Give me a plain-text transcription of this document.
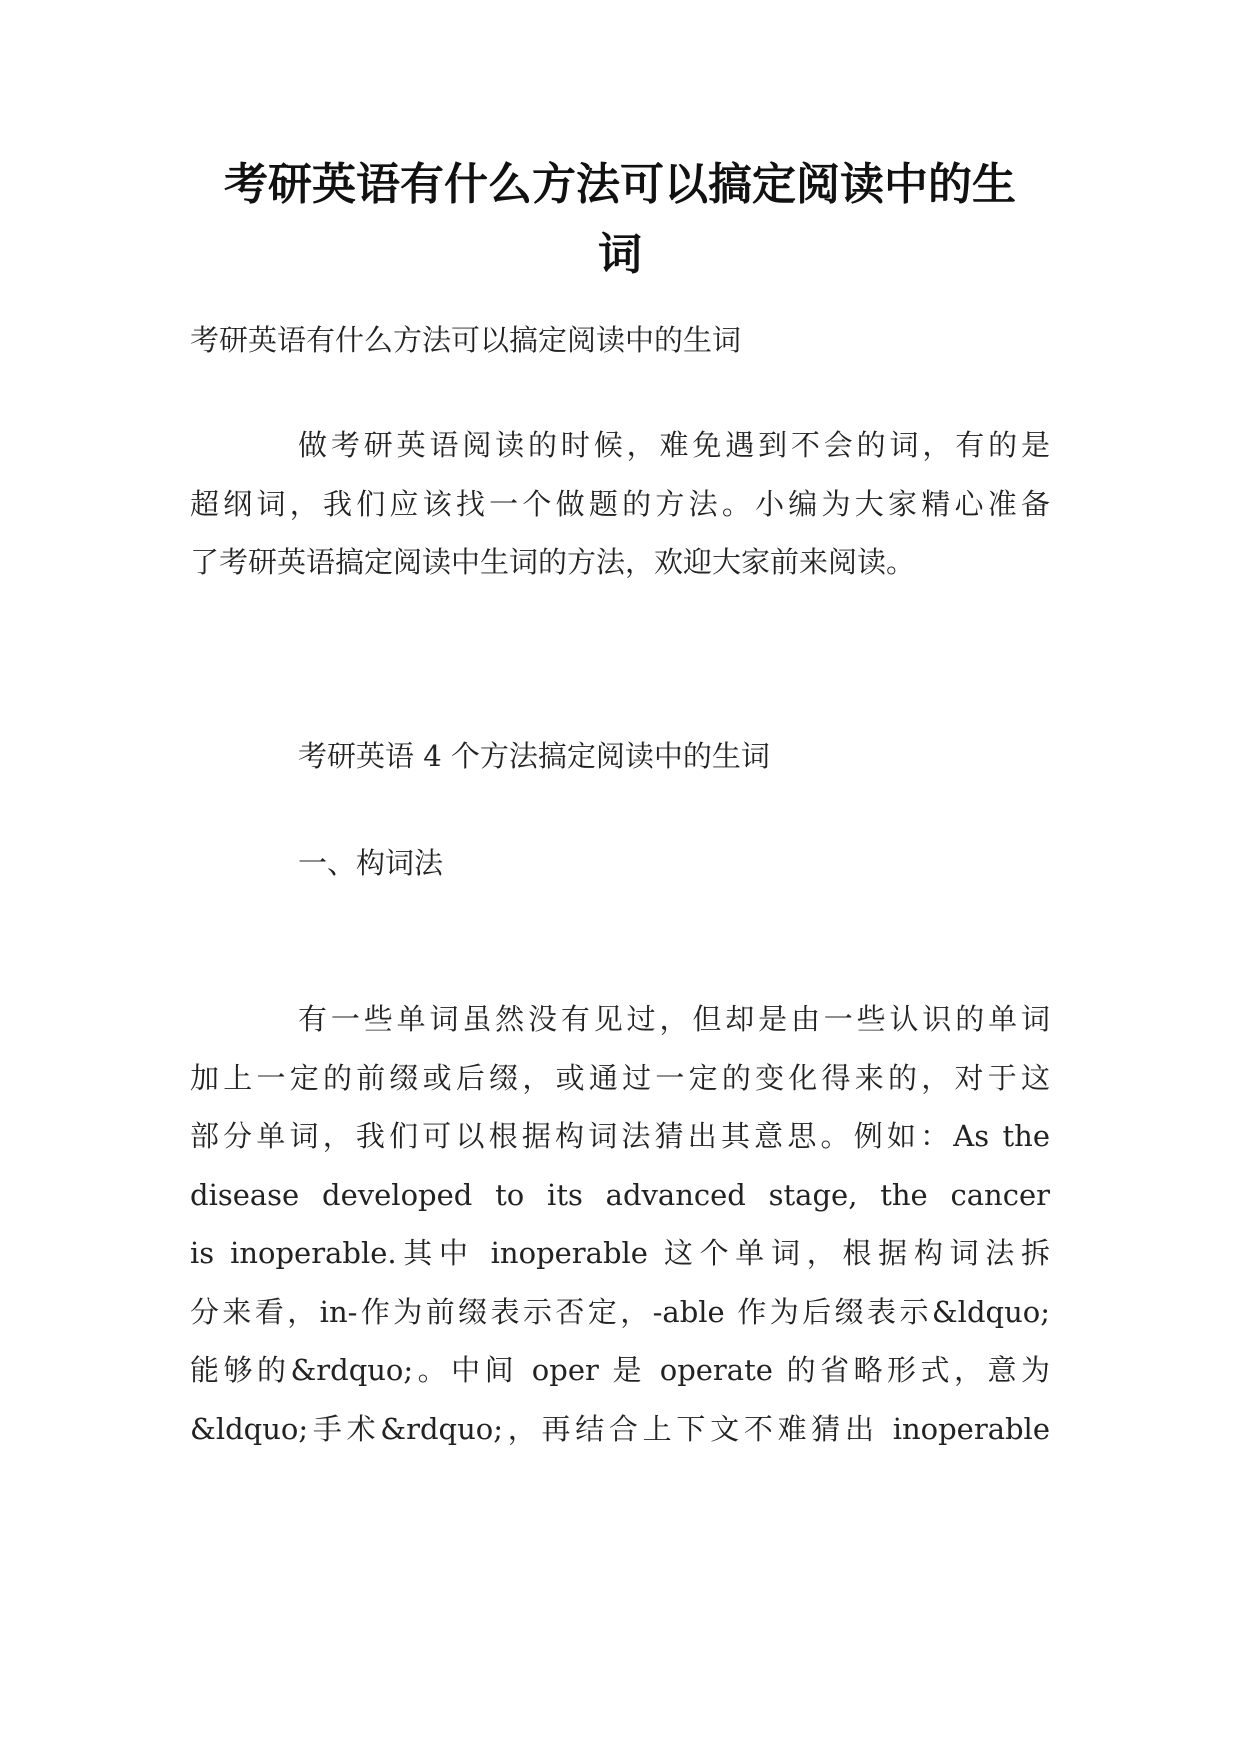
考研英语有什么方法可以搞定阅读中的生
词

考研英语有什么方法可以搞定阅读中的生词

做考研英语阅读的时候，难免遇到不会的词，有的是
超纲词，我们应该找一个做题的方法。小编为大家精心准备
了考研英语搞定阅读中生词的方法，欢迎大家前来阅读。

考研英语 4 个方法搞定阅读中的生词

一、构词法

有一些单词虽然没有见过，但却是由一些认识的单词
加上一定的前缀或后缀，或通过一定的变化得来的，对于这
部分单词，我们可以根据构词法猜出其意思。例如：As the
disease developed to its advanced stage, the cancer
is inoperable.其中 inoperable 这个单词，根据构词法拆
分来看，in-作为前缀表示否定，-able 作为后缀表示&ldquo;
能够的&rdquo;。中间 oper 是 operate 的省略形式，意为
&ldquo;手术&rdquo;，再结合上下文不难猜出 inoperable
